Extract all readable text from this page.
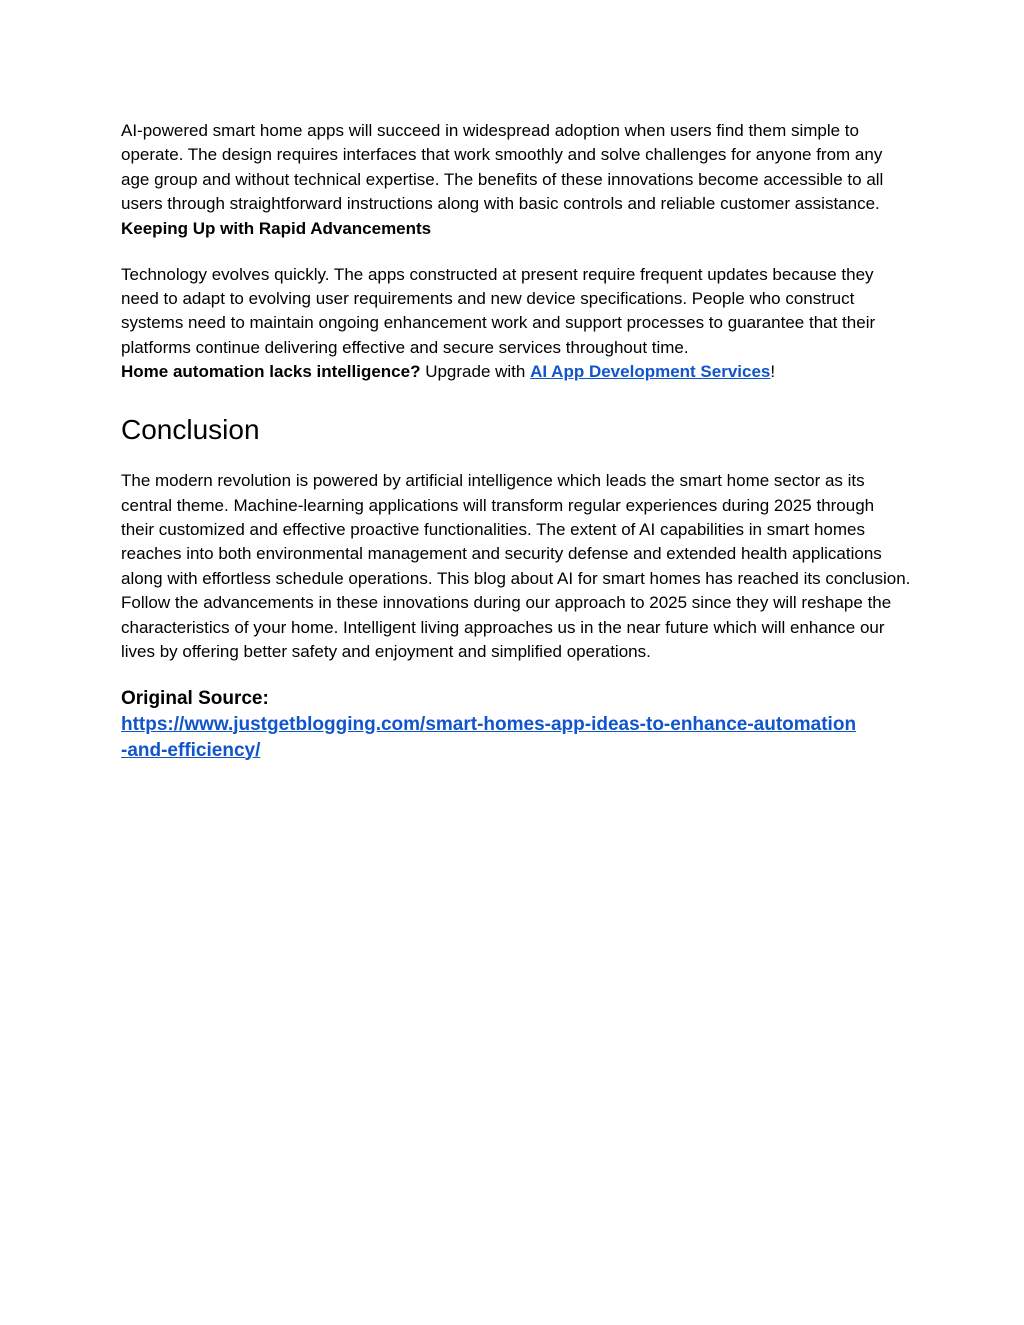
AI-powered smart home apps will succeed in widespread adoption when users find them simple to operate. The design requires interfaces that work smoothly and solve challenges for anyone from any age group and without technical expertise. The benefits of these innovations become accessible to all users through straightforward instructions along with basic controls and reliable customer assistance.

Keeping Up with Rapid Advancements

Technology evolves quickly. The apps constructed at present require frequent updates because they need to adapt to evolving user requirements and new device specifications. People who construct systems need to maintain ongoing enhancement work and support processes to guarantee that their platforms continue delivering effective and secure services throughout time.

Home automation lacks intelligence? Upgrade with AI App Development Services!

Conclusion

The modern revolution is powered by artificial intelligence which leads the smart home sector as its central theme. Machine-learning applications will transform regular experiences during 2025 through their customized and effective proactive functionalities. The extent of AI capabilities in smart homes reaches into both environmental management and security defense and extended health applications along with effortless schedule operations. This blog about AI for smart homes has reached its conclusion. Follow the advancements in these innovations during our approach to 2025 since they will reshape the characteristics of your home. Intelligent living approaches us in the near future which will enhance our lives by offering better safety and enjoyment and simplified operations.

Original Source:

https://www.justgetblogging.com/smart-homes-app-ideas-to-enhance-automation
-and-efficiency/
